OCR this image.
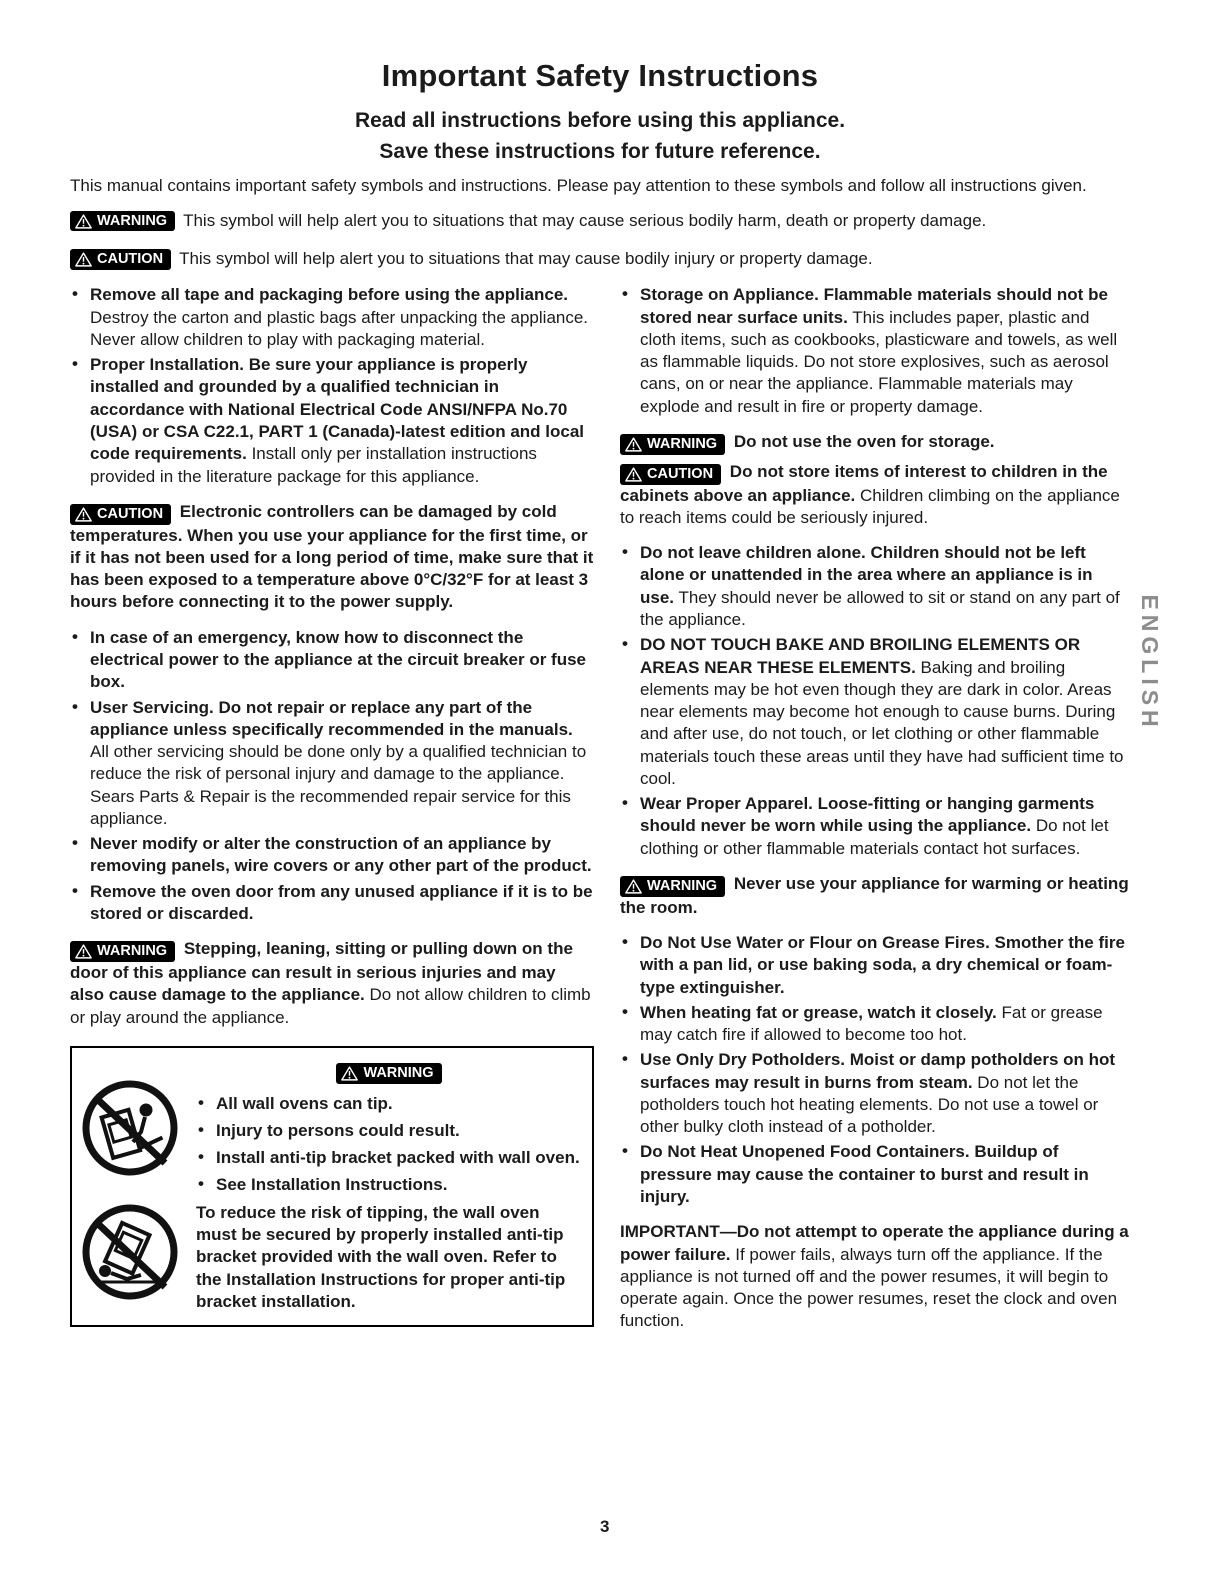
Important Safety Instructions
Read all instructions before using this appliance.
Save these instructions for future reference.

This manual contains important safety symbols and instructions. Please pay attention to these symbols and follow all instructions given.

WARNING This symbol will help alert you to situations that may cause serious bodily harm, death or property damage.
CAUTION This symbol will help alert you to situations that may cause bodily injury or property damage.
• Remove all tape and packaging before using the appliance. Destroy the carton and plastic bags after unpacking the appliance. Never allow children to play with packaging material.
• Proper Installation. Be sure your appliance is properly installed and grounded by a qualified technician in accordance with National Electrical Code ANSI/NFPA No.70 (USA) or CSA C22.1, PART 1 (Canada)-latest edition and local code requirements. Install only per installation instructions provided in the literature package for this appliance.

CAUTION Electronic controllers can be damaged by cold temperatures. When you use your appliance for the first time, or if it has not been used for a long period of time, make sure that it has been exposed to a temperature above 0°C/32°F for at least 3 hours before connecting it to the power supply.

• In case of an emergency, know how to disconnect the electrical power to the appliance at the circuit breaker or fuse box.
• User Servicing. Do not repair or replace any part of the appliance unless specifically recommended in the manuals. All other servicing should be done only by a qualified technician to reduce the risk of personal injury and damage to the appliance. Sears Parts & Repair is the recommended repair service for this appliance.
• Never modify or alter the construction of an appliance by removing panels, wire covers or any other part of the product.
• Remove the oven door from any unused appliance if it is to be stored or discarded.

WARNING Stepping, leaning, sitting or pulling down on the door of this appliance can result in serious injuries and may also cause damage to the appliance. Do not allow children to climb or play around the appliance.

WARNING
• All wall ovens can tip.
• Injury to persons could result.
• Install anti-tip bracket packed with wall oven.
• See Installation Instructions.

To reduce the risk of tipping, the wall oven must be secured by properly installed anti-tip bracket provided with the wall oven. Refer to the Installation Instructions for proper anti-tip bracket installation.

• Storage on Appliance. Flammable materials should not be stored near surface units. This includes paper, plastic and cloth items, such as cookbooks, plasticware and towels, as well as flammable liquids. Do not store explosives, such as aerosol cans, on or near the appliance. Flammable materials may explode and result in fire or property damage.

WARNING Do not use the oven for storage.

CAUTION Do not store items of interest to children in the cabinets above an appliance. Children climbing on the appliance to reach items could be seriously injured.

• Do not leave children alone. Children should not be left alone or unattended in the area where an appliance is in use. They should never be allowed to sit or stand on any part of the appliance.
• DO NOT TOUCH BAKE AND BROILING ELEMENTS OR AREAS NEAR THESE ELEMENTS. Baking and broiling elements may be hot even though they are dark in color. Areas near elements may become hot enough to cause burns. During and after use, do not touch, or let clothing or other flammable materials touch these areas until they have had sufficient time to cool.
• Wear Proper Apparel. Loose-fitting or hanging garments should never be worn while using the appliance. Do not let clothing or other flammable materials contact hot surfaces.

WARNING Never use your appliance for warming or heating the room.

• Do Not Use Water or Flour on Grease Fires. Smother the fire with a pan lid, or use baking soda, a dry chemical or foam-type extinguisher.
• When heating fat or grease, watch it closely. Fat or grease may catch fire if allowed to become too hot.
• Use Only Dry Potholders. Moist or damp potholders on hot surfaces may result in burns from steam. Do not let the potholders touch hot heating elements. Do not use a towel or other bulky cloth instead of a potholder.
• Do Not Heat Unopened Food Containers. Buildup of pressure may cause the container to burst and result in injury.

IMPORTANT—Do not attempt to operate the appliance during a power failure. If power fails, always turn off the appliance. If the appliance is not turned off and the power resumes, it will begin to operate again. Once the power resumes, reset the clock and oven function.

ENGLISH
3
